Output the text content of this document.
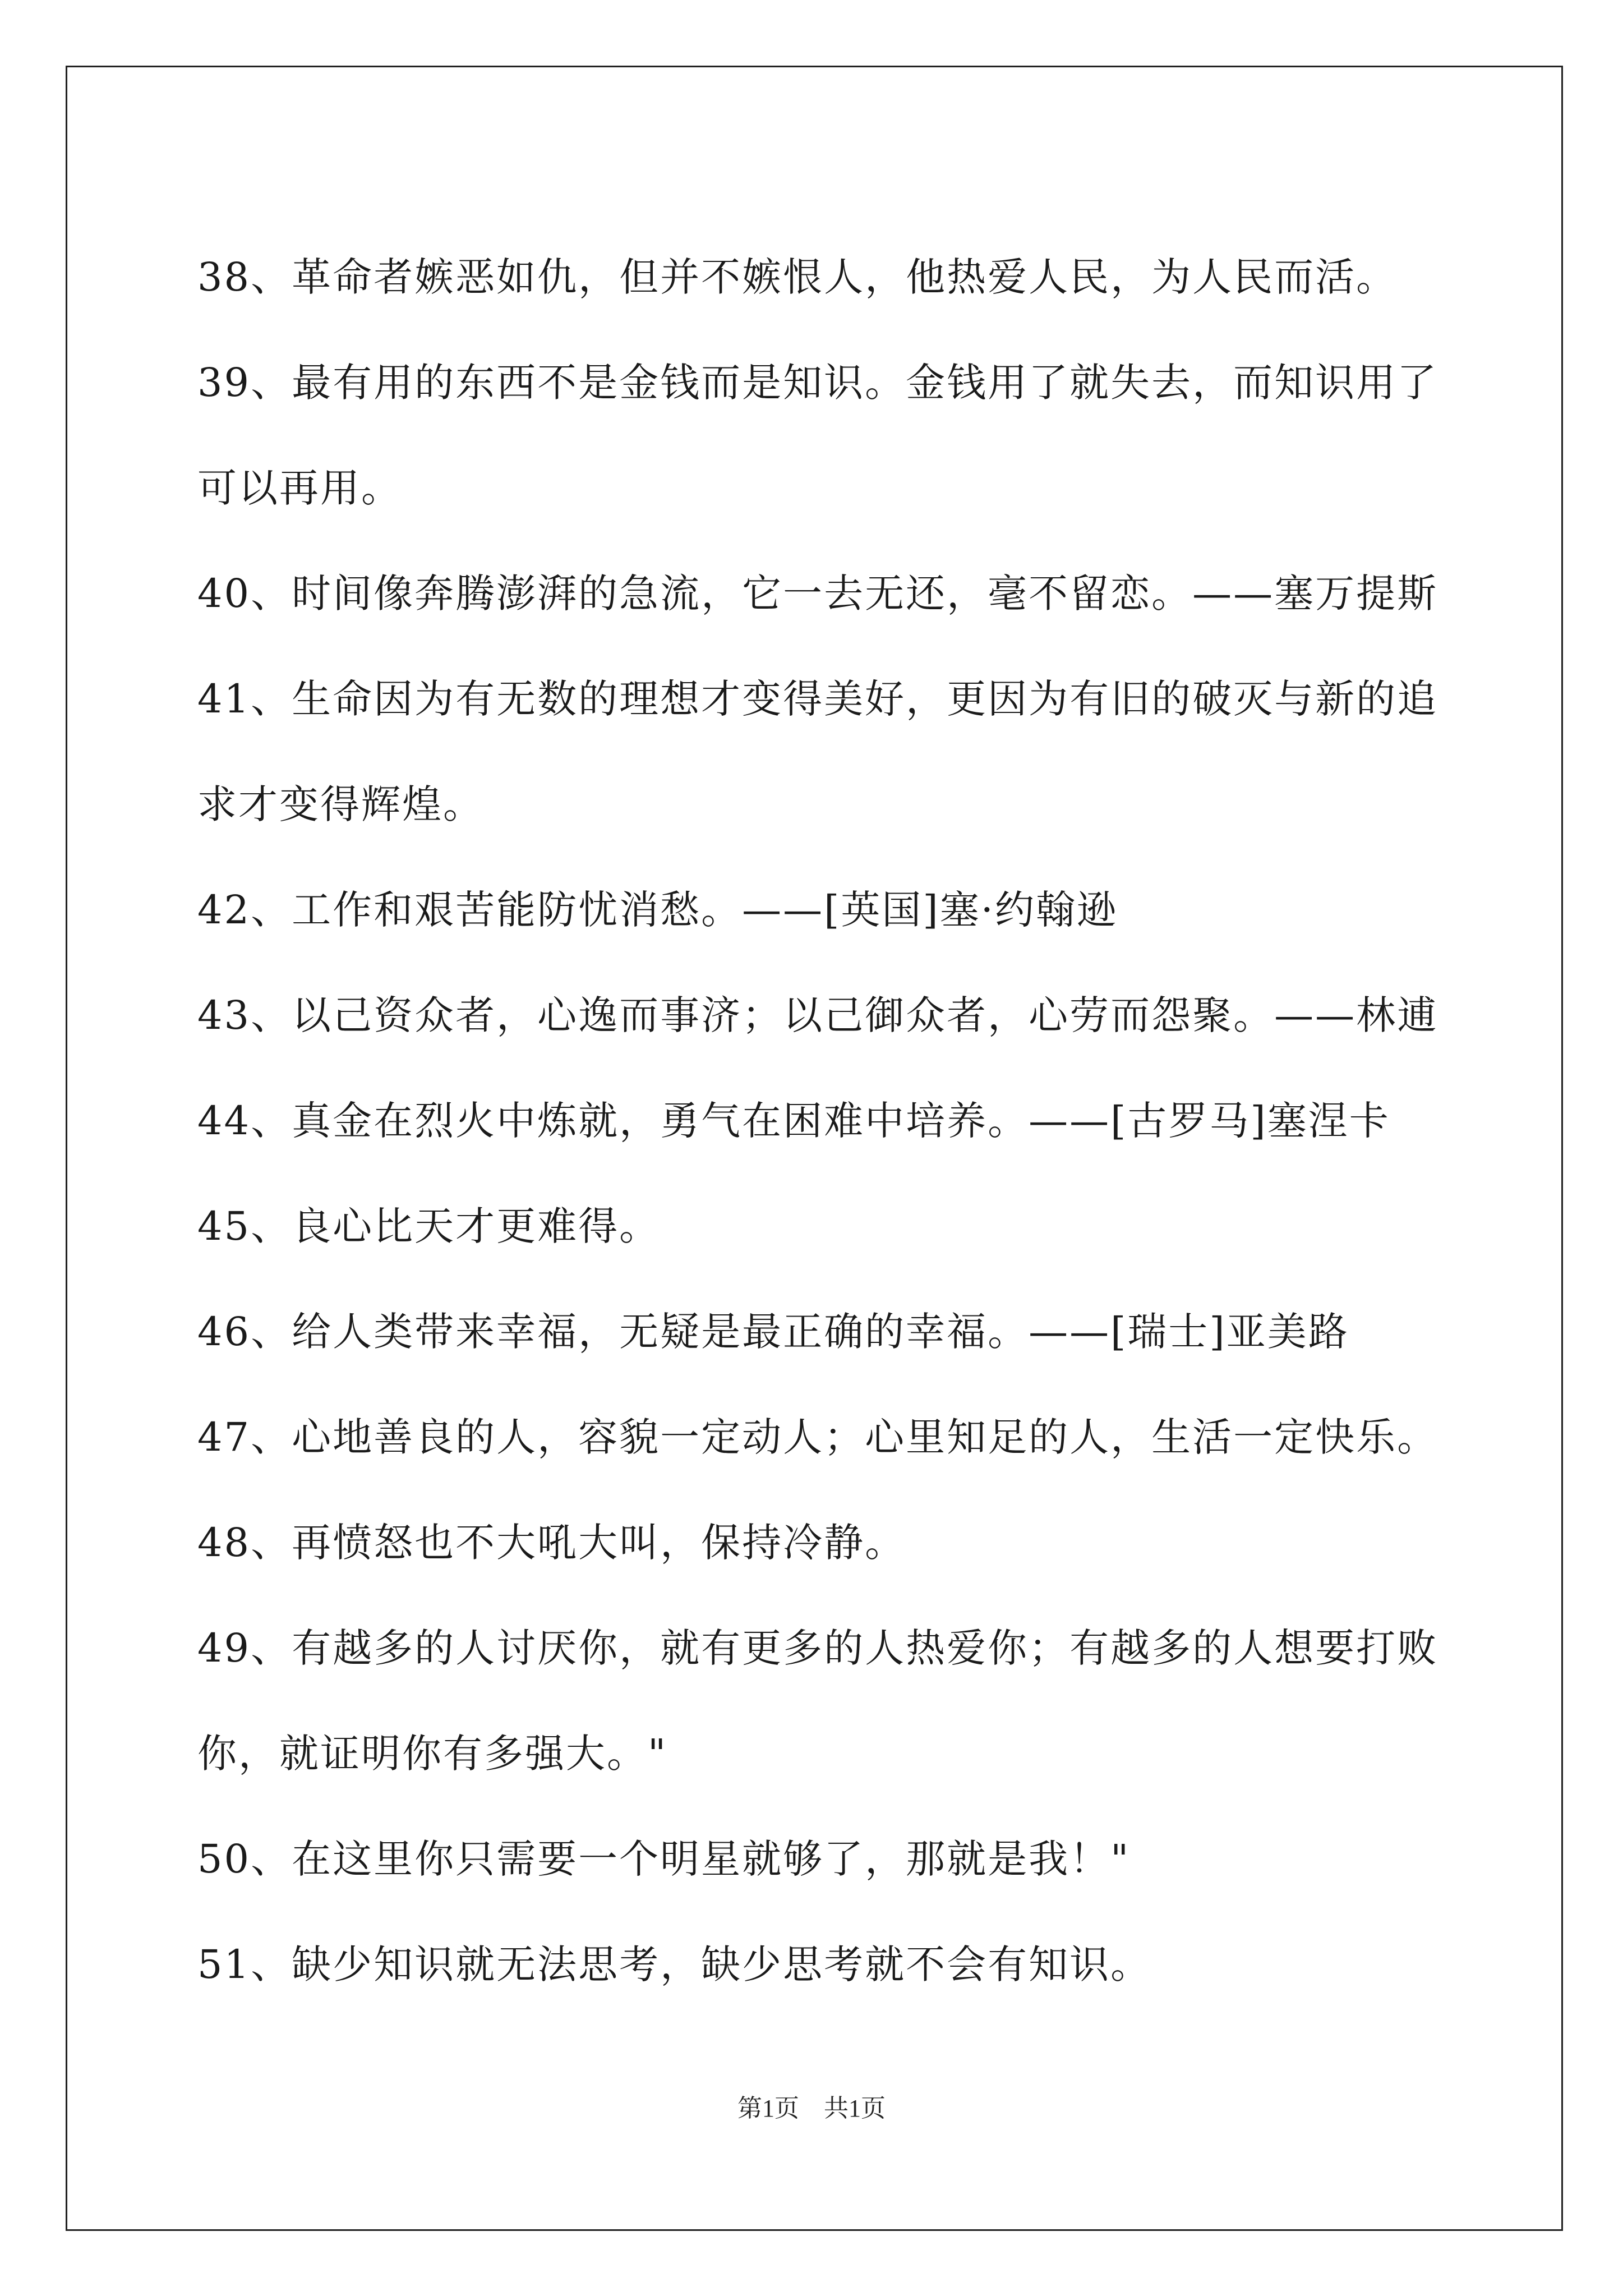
38、革命者嫉恶如仇，但并不嫉恨人，他热爱人民，为人民而活。

39、最有用的东西不是金钱而是知识。金钱用了就失去，而知识用了可以再用。

40、时间像奔腾澎湃的急流，它一去无还，毫不留恋。——塞万提斯

41、生命因为有无数的理想才变得美好，更因为有旧的破灭与新的追求才变得辉煌。

42、工作和艰苦能防忧消愁。——[英国]塞·约翰逊

43、以己资众者，心逸而事济；以己御众者，心劳而怨聚。——林逋

44、真金在烈火中炼就，勇气在困难中培养。——[古罗马]塞涅卡

45、良心比天才更难得。

46、给人类带来幸福，无疑是最正确的幸福。——[瑞士]亚美路

47、心地善良的人，容貌一定动人；心里知足的人，生活一定快乐。

48、再愤怒也不大吼大叫，保持冷静。

49、有越多的人讨厌你，就有更多的人热爱你；有越多的人想要打败你，就证明你有多强大。"

50、在这里你只需要一个明星就够了，那就是我！"

51、缺少知识就无法思考，缺少思考就不会有知识。

第1页　共1页
